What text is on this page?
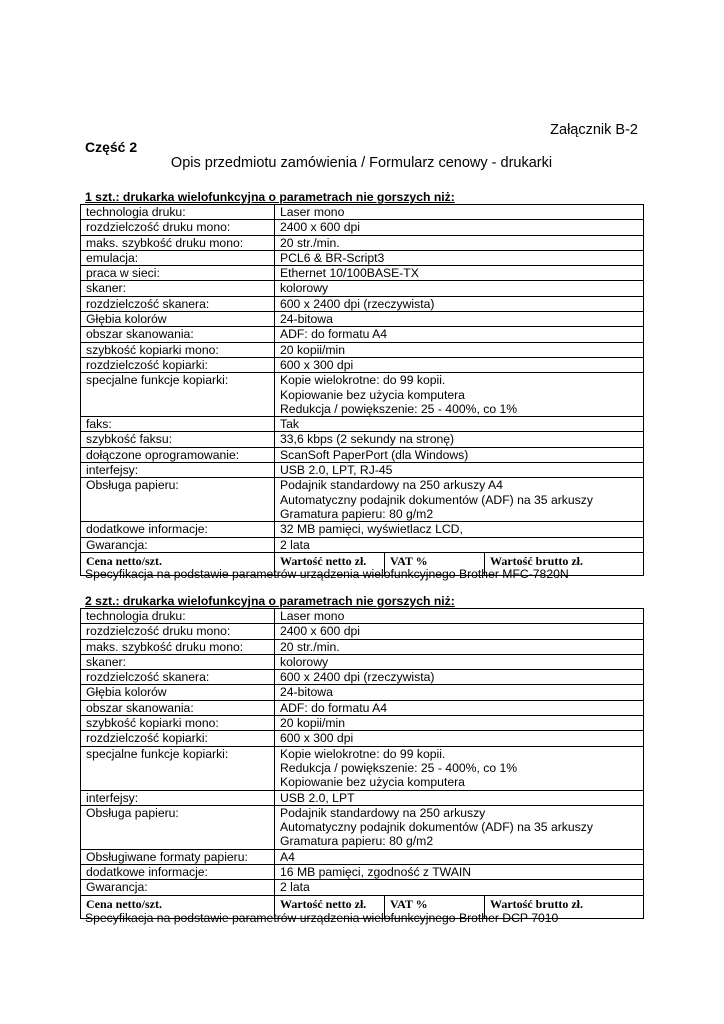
Załącznik B-2
Część 2
Opis przedmiotu zamówienia / Formularz cenowy - drukarki
1 szt.: drukarka wielofunkcyjna o parametrach nie gorszych niż:
technologia druku:	Laser mono		

rozdzielczość druku mono:	2400 x 600 dpi		

maks. szybkość druku mono:	20 str./min.		

emulacja:	PCL6 & BR-Script3		

praca w sieci:	Ethernet 10/100BASE-TX		

skaner:	kolorowy		

rozdzielczość skanera:	600 x 2400 dpi (rzeczywista)		

Głębia kolorów	24-bitowa		

obszar skanowania:	ADF: do formatu A4		

szybkość kopiarki mono:	20 kopii/min		

rozdzielczość kopiarki:	600 x 300 dpi		

specjalne funkcje kopiarki:	Kopie wielokrotne: do 99 kopii.
Kopiowanie bez użycia komputera
Redukcja / powiększenie: 25 - 400%, co 1%		

faks:	Tak		

szybkość faksu:	33,6 kbps (2 sekundy na stronę)		

dołączone oprogramowanie:	ScanSoft PaperPort (dla Windows)		

interfejsy:	USB 2.0, LPT, RJ-45		

Obsługa papieru:	Podajnik standardowy na 250 arkuszy A4
Automatyczny podajnik dokumentów (ADF) na 35 arkuszy
Gramatura papieru: 80 g/m2		

dodatkowe informacje:	32 MB pamięci, wyświetlacz LCD,		

Gwarancja:	2 lata		

Cena netto/szt.	Wartość netto zł.	VAT %	Wartość brutto zł.
Specyfikacja na podstawie parametrów urządzenia wielofunkcyjnego Brother MFC-7820N
2 szt.: drukarka wielofunkcyjna o parametrach nie gorszych niż:
technologia druku:	Laser mono		

rozdzielczość druku mono:	2400 x 600 dpi		

maks. szybkość druku mono:	20 str./min.		

skaner:	kolorowy		

rozdzielczość skanera:	600 x 2400 dpi (rzeczywista)		

Głębia kolorów	24-bitowa		

obszar skanowania:	ADF: do formatu A4		

szybkość kopiarki mono:	20 kopii/min		

rozdzielczość kopiarki:	600 x 300 dpi		

specjalne funkcje kopiarki:	Kopie wielokrotne: do 99 kopii.
Redukcja / powiększenie: 25 - 400%, co 1%
Kopiowanie bez użycia komputera		

interfejsy:	USB 2.0, LPT		

Obsługa papieru:	Podajnik standardowy na 250 arkuszy
Automatyczny podajnik dokumentów (ADF) na 35 arkuszy
Gramatura papieru: 80 g/m2		

Obsługiwane formaty papieru:	A4		

dodatkowe informacje:	16 MB pamięci, zgodność z TWAIN		

Gwarancja:	2 lata		

Cena netto/szt.	Wartość netto zł.	VAT %	Wartość brutto zł.
Specyfikacja na podstawie parametrów urządzenia wielofunkcyjnego Brother DCP 7010
